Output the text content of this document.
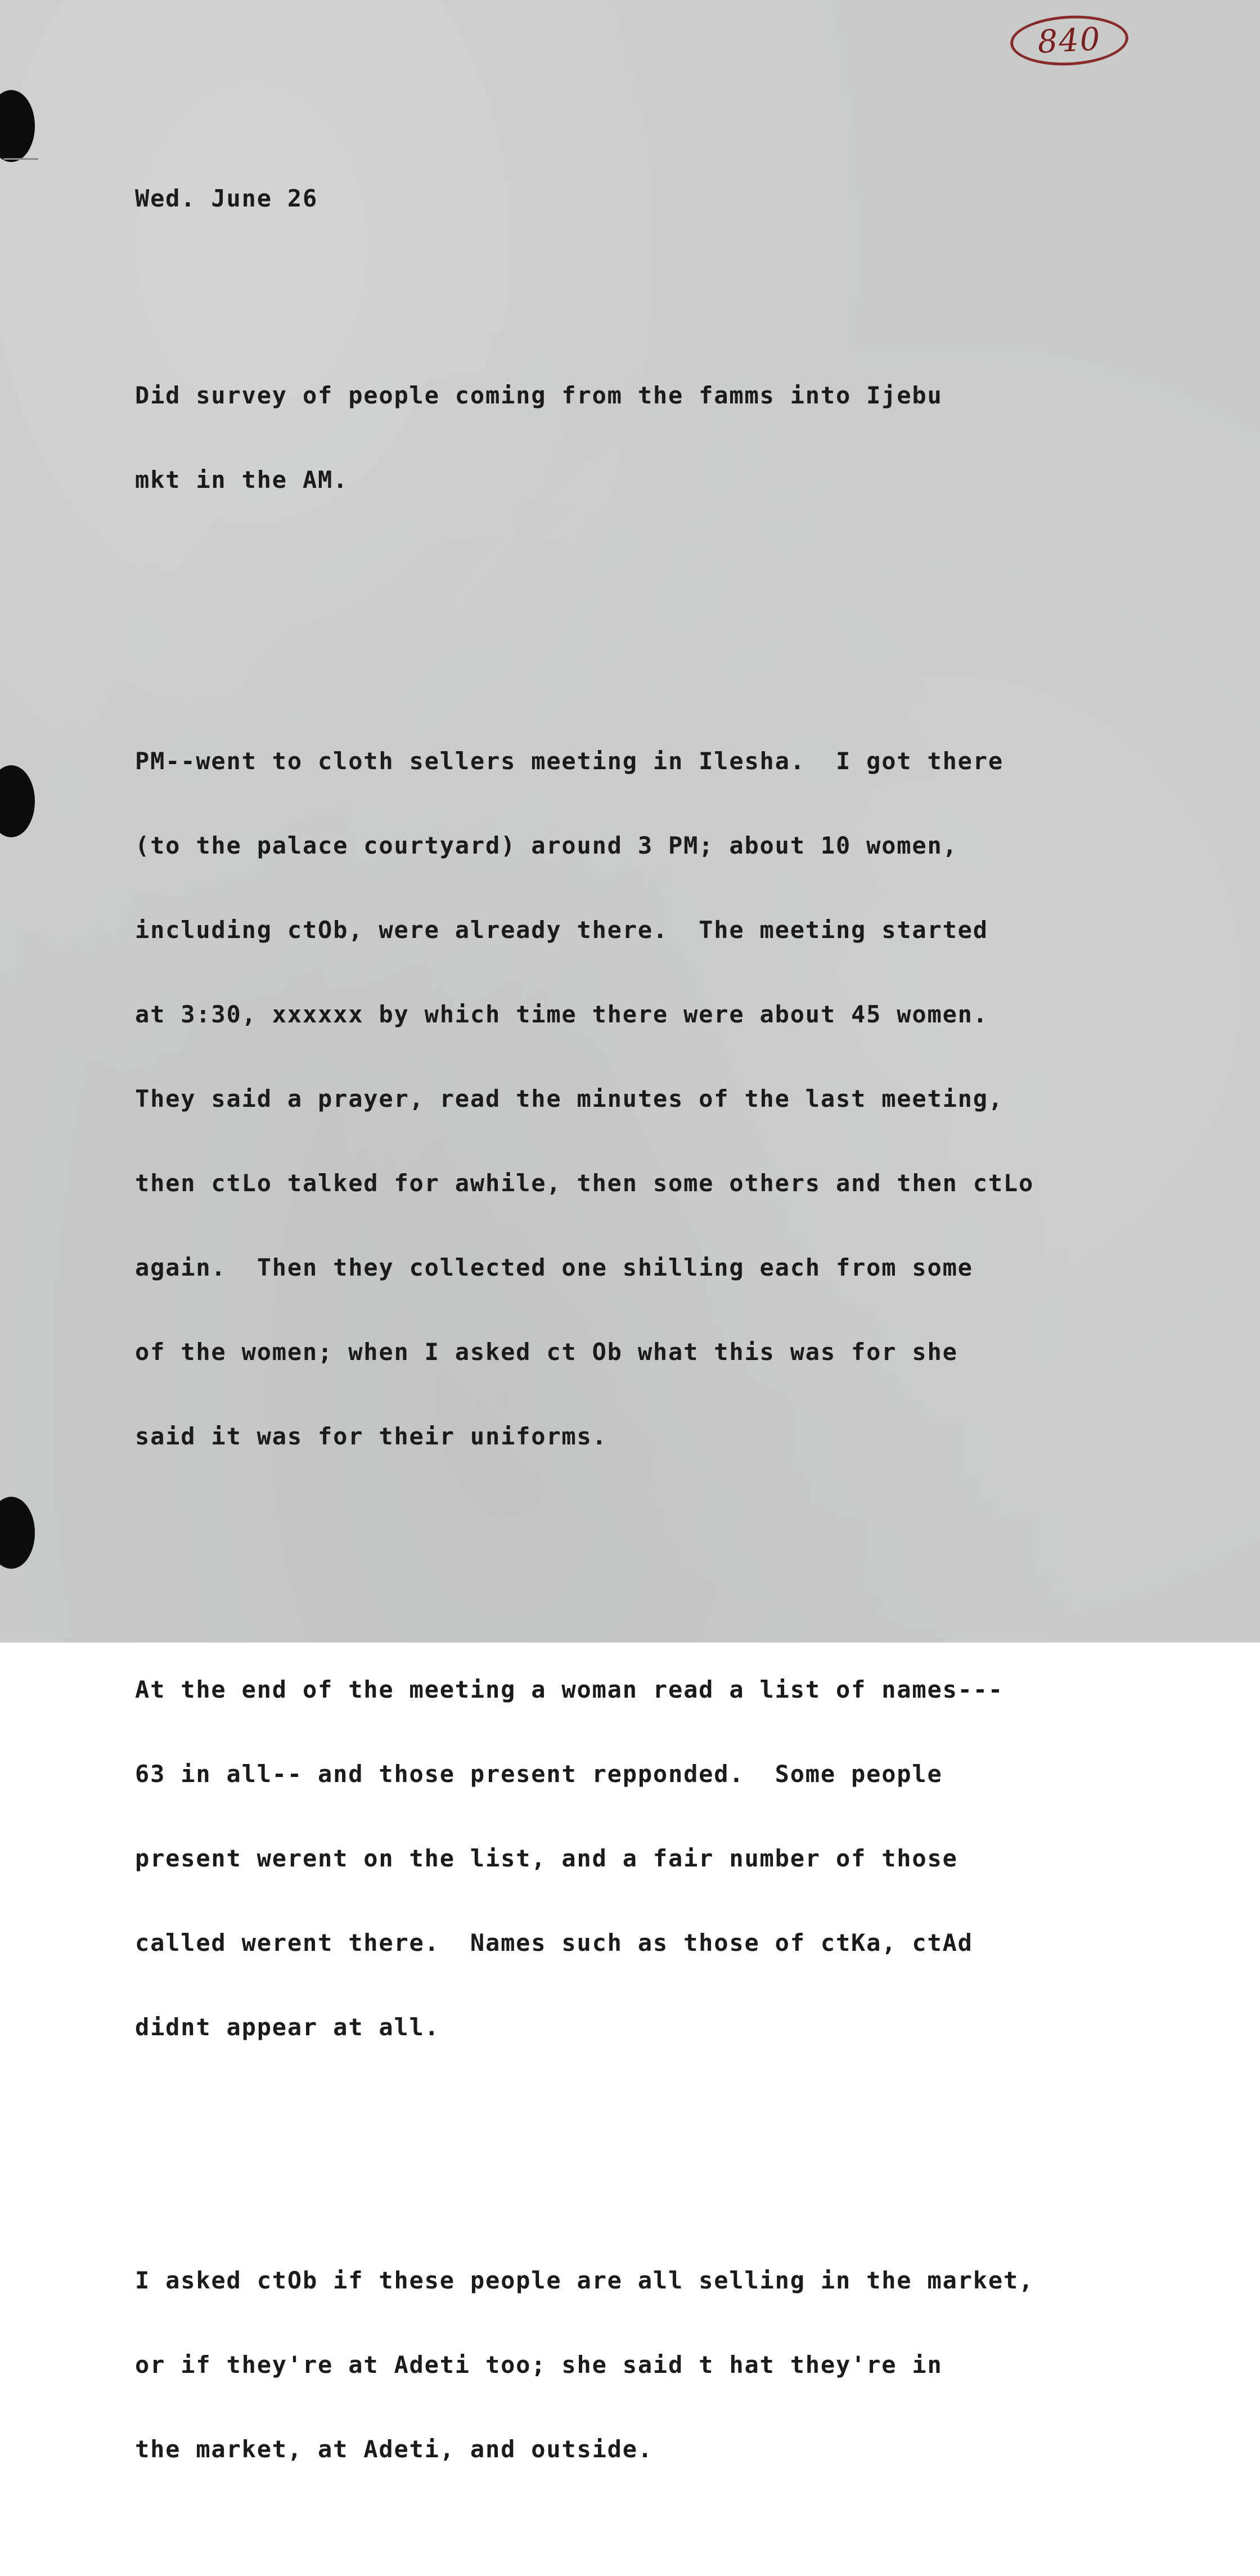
840

Wed. June 26

Did survey of people coming from the famms into Ijebu

mkt in the AM.

PM--went to cloth sellers meeting in Ilesha.  I got there

(to the palace courtyard) around 3 PM; about 10 women,

including ctOb, were already there.  The meeting started

at 3:30, xxxxxx by which time there were about 45 women.

They said a prayer, read the minutes of the last meeting,

then ctLo talked for awhile, then some others and then ctLo

again.  Then they collected one shilling each from some

of the women; when I asked ct Ob what this was for she

said it was for their uniforms.

At the end of the meeting a woman read a list of names---

63 in all-- and those present repponded.  Some people

present werent on the list, and a fair number of those

called werent there.  Names such as those of ctKa, ctAd

didnt appear at all.

I asked ctOb if these people are all selling in the market,

or if they're at Adeti too; she said t hat they're in

the market, at Adeti, and outside.
